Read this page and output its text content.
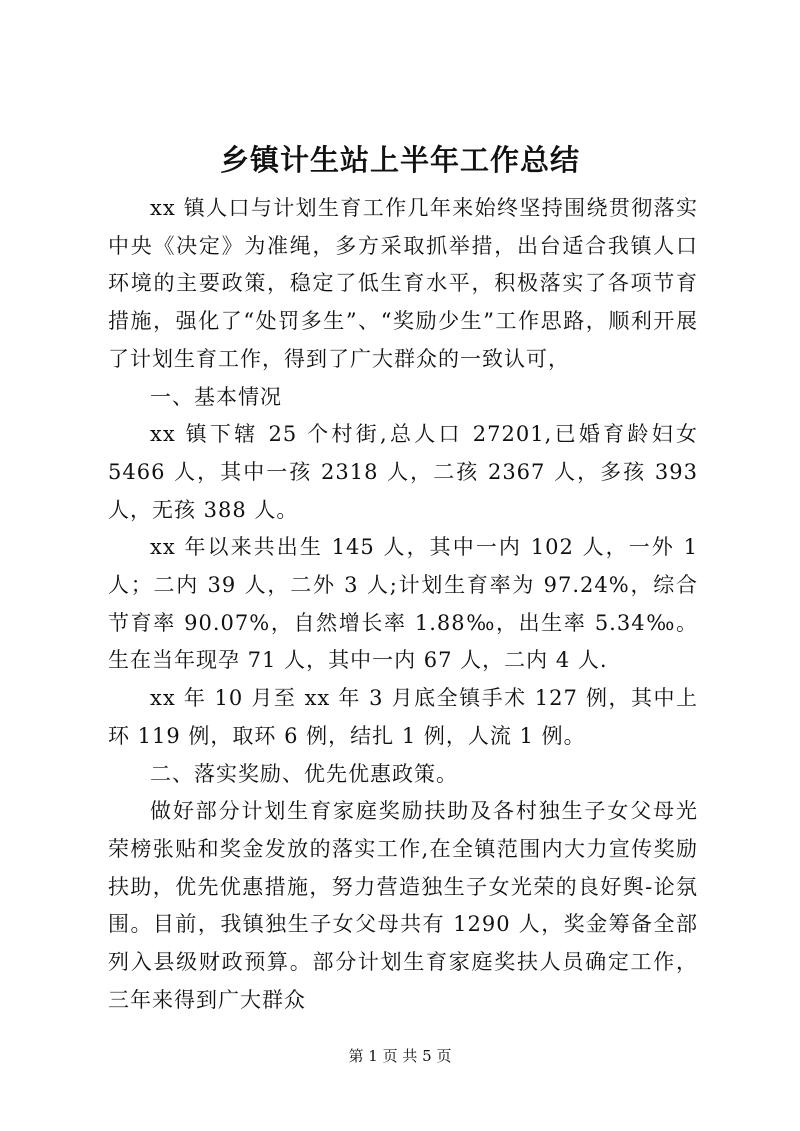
乡镇计生站上半年工作总结

xx 镇人口与计划生育工作几年来始终坚持围绕贯彻落实中央《决定》为准绳，多方采取抓举措，出台适合我镇人口环境的主要政策，稳定了低生育水平，积极落实了各项节育措施，强化了“处罚多生”、“奖励少生”工作思路，顺利开展了计划生育工作，得到了广大群众的一致认可，

一、基本情况

xx 镇下辖 25 个村街,总人口 27201,已婚育龄妇女 5466 人，其中一孩 2318 人，二孩 2367 人，多孩 393 人，无孩 388 人。

xx 年以来共出生 145 人，其中一内 102 人，一外 1 人；二内 39 人，二外 3 人;计划生育率为 97.24%，综合节育率 90.07%，自然增长率 1.88‰，出生率 5.34‰。生在当年现孕 71 人，其中一内 67 人，二内 4 人.

xx 年 10 月至 xx 年 3 月底全镇手术 127 例，其中上环 119 例，取环 6 例，结扎 1 例，人流 1 例。

二、落实奖励、优先优惠政策。

做好部分计划生育家庭奖励扶助及各村独生子女父母光荣榜张贴和奖金发放的落实工作,在全镇范围内大力宣传奖励扶助，优先优惠措施，努力营造独生子女光荣的良好舆-论氛围。目前，我镇独生子女父母共有 1290 人，奖金筹备全部列入县级财政预算。部分计划生育家庭奖扶人员确定工作，三年来得到广大群众

第 1 页 共 5 页
